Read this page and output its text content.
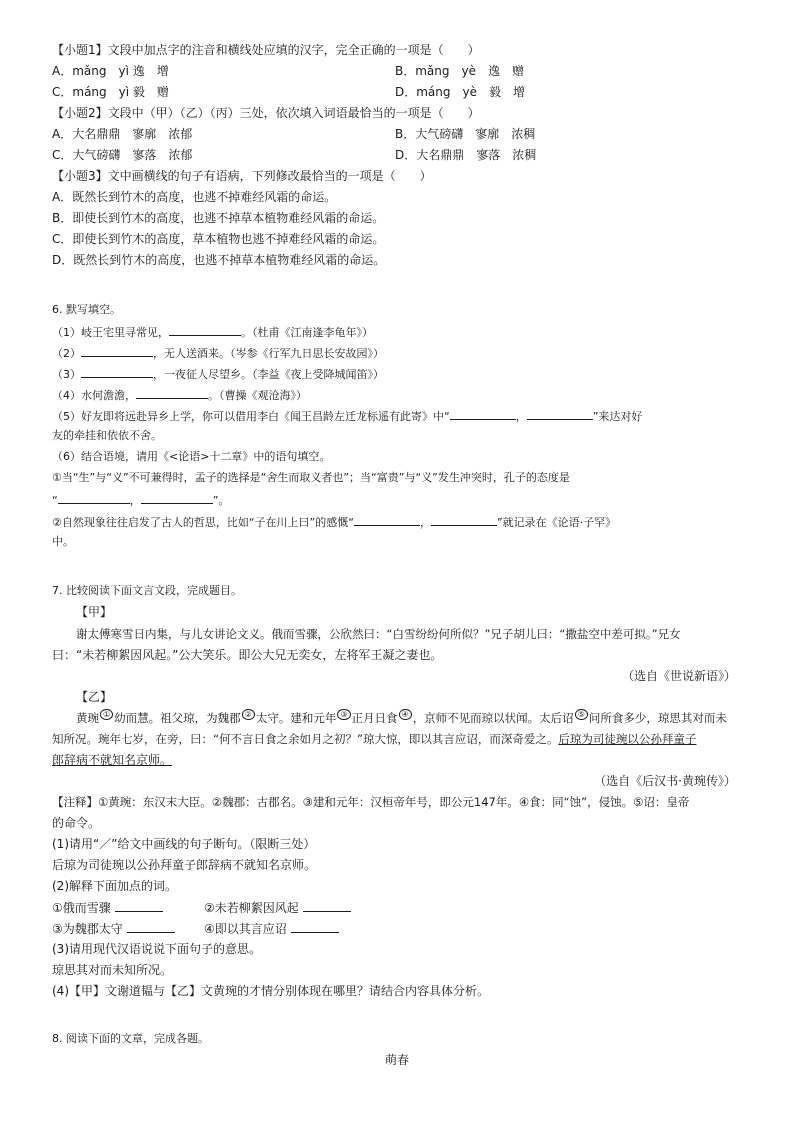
【小题1】文段中加点字的注音和横线处应填的汉字，完全正确的一项是（　　）
A．mǎng　yì 逸　增	B．mǎng　yè　逸　赠
C．máng　yì 毅　赠	D．máng　yè　毅　增
【小题2】文段中（甲）（乙）（丙）三处，依次填入词语最恰当的一项是（　　）
A．大名鼎鼎　寥廓　浓郁	B．大气磅礴　寥廓　浓稠
C．大气磅礴　寥落　浓郁	D．大名鼎鼎　寥落　浓稠
【小题3】文中画横线的句子有语病，下列修改最恰当的一项是（　　）
A．既然长到竹木的高度，也逃不掉难经风霜的命运。
B．即使长到竹木的高度，也逃不掉草本植物难经风霜的命运。
C．即使长到竹木的高度，草本植物也逃不掉难经风霜的命运。
D．既然长到竹木的高度，也逃不掉草本植物难经风霜的命运。
6. 默写填空。
（1）岐王宅里寻常见，	。（杜甫《江南逢李龟年》）
（2）	，无人送酒来。（岑参《行军九日思长安故园》）
（3）	，一夜征人尽望乡。（李益《夜上受降城闻笛》）
（4）水何澹澹，	。（曹操《观沧海》）
（5）好友即将远赴异乡上学，你可以借用李白《闻王昌龄左迁龙标遥有此寄》中“	，	”来达对好
友的牵挂和依依不舍。
（6）结合语境，请用《<论语>十二章》中的语句填空。
①当“生”与“义”不可兼得时，孟子的选择是“舍生而取义者也”；当“富贵”与“义”发生冲突时，孔子的态度是
“	，	”。
②自然现象往往启发了古人的哲思，比如“子在川上曰”的感慨“	，	”就记录在《论语·子罕》
中。
7. 比较阅读下面文言文段，完成题目。
【甲】
谢太傅寒雪日内集，与儿女讲论文义。俄而雪骤，公欣然曰：“白雪纷纷何所似？”兄子胡儿曰：“撒盐空中差可拟。”兄女
曰：“未若柳絮因风起。”公大笑乐。即公大兄无奕女，左将军王凝之妻也。
（选自《世说新语》）
【乙】
黄琬 ① 幼而慧。祖父琼，为魏郡 ② 太守。建和元年 ③ 正月日食 ④ ，京师不见而琼以状闻。太后诏 ⑤ 问所食多少，琼思其对而未
知所况。琬年七岁，在旁，曰：“何不言日食之余如月之初？”琼大惊，即以其言应诏，而深奇爱之。后琼为司徒琬以公孙拜童子
郎辞病不就知名京师。
（选自《后汉书·黄琬传》）
【注释】①黄琬：东汉末大臣。②魏郡：古郡名。③建和元年：汉桓帝年号，即公元147年。④食：同“蚀”，侵蚀。⑤诏：皇帝
的命令。
(1)请用“／”给文中画线的句子断句。（限断三处）
后琼为司徒琬以公孙拜童子郎辞病不就知名京师。
(2)解释下面加点的词。
①俄而雪骤	②未若柳絮因风起
③为魏郡太守	④即以其言应诏
(3)请用现代汉语说说下面句子的意思。
琼思其对而未知所况。
(4)【甲】文谢道韫与【乙】文黄琬的才情分别体现在哪里？请结合内容具体分析。
8. 阅读下面的文章，完成各题。
萌春
